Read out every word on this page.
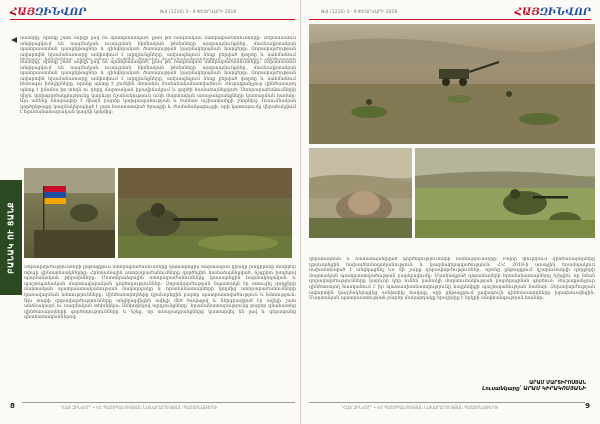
ՀԱՅԶԻՆՎՈՐ	№4 (1216) 3 - 9 ՓԵՏՐՎԱՐԻ 2018
մասերը, որոնք շատ ավելի լավ են պատրաստված, քան թե ռազմական ստորաբաժանումները: Զորամասում անցկացվում են ռազմական ուսուցման հիմնական թեմաների պարապմունքներ, մասնագիտական պատրաստման դասընթացներ և զինվորական ծառայության կազմակերպման հարցերը: Զորավարժության ավարտին հրամանատարը ամփոփում է արդյունքները, ամրապնդում ձեռք բերված փորձը և սահմանում
մասերը, որոնք շատ ավելի լավ են պատրաստված, քան թե ռազմական ստորաբաժանումները: Զորամասում անցկացվում են ռազմական ուսուցման հիմնական թեմաների պարապմունքներ, մասնագիտական պատրաստման դասընթացներ և զինվորական ծառայության կազմակերպման հարցերը: Զորավարժության ավարտին հրամանատարը ամփոփում է արդյունքները, ամրապնդում ձեռք բերված փորձը և սահմանում հետագա խնդիրները, որոնք պետք է լուծվեն մոտակա ժամանակահատվածում: Յուրաքանչյուր զինծառայող պետք է իմանա իր տեղն ու դերը մարտական իրավիճակում և գործի համաձայնեցված: Ստորաբաժանումների միջև փոխգործակցությունը կարևոր նշանակություն ունի մարտական առաջադրանքների կատարման համար: Այս ամենը հնարավոր է միայն բարձր կարգապահության և համառ աշխատանքի շնորհիվ: Ուսումնական գործընթացը կազմակերպված է ըստ հաստատված ծրագրի և ժամանակացույցի, որի կատարումը վերահսկվում է հրամանատարական կազմի կողմից:
ԲԱՆԱԿ ՈՒ ՑԱՆՔ Զորավարժությունների ընթացքում ստորաբաժանումները կատարեցին մարտական կրակի խնդիրներ տարբեր տիպի զինատեսակներից: Հրետանային ստորաբաժանումները գործեցին համաձայնեցված, ճշգրիտ խոցելով պայմանական թիրախները: Մոտոհրաձգային ստորաբաժանումները կատարեցին հարձակողական և պաշտպանական մարտավարական գործողություններ: Զորավարժության նպատակն էր ստուգել զորքերի մարտական պատրաստականության մակարդակը և հրամանատարների կողմից ստորաբաժանումների կառավարման հմտությունները: Զինծառայողները դրսևորեցին բարձր պատրաստվածություն և հմտություն: Այս տարի զորավարժությունները անցկացվեցին ավելի մեծ ծավալով և ներգրավված էր ավելի շատ անձնակազմ ու ռազմական տեխնիկա: Ամփոփելով արդյունքները՝ հրամանատարությունը բարձր գնահատեց զինծառայողների գործողությունները և նշեց, որ առաջադրանքները կատարվել են լավ և գերազանց գնահատականներով:
8	"ՀԱՅ ԶԻՆՎՈՐ" • ՀՀ ՊԱՇՏՊԱՆՈՒԹՅԱՆ ՆԱԽԱՐԱՐՈՒԹՅԱՆ ՊԱՇՏՈՆԱԹԵՐԹ
№4 (1216) 3 - 9 ՓԵՏՐՎԱՐԻ 2018	ՀԱՅԶԻՆՎՈՐ
վերահսկման և համաձայնեցված գործողությունների հմտությունները: Բոլոր փուլերում զինծառայողները դրսևորեցին նախաձեռնողականություն և կազմակերպվածություն: Հ/Հ 2018-ի առաջին եռամսյակում նախատեսված է անցկացնել ևս մի շարք զորավարժություններ, որոնց ընթացքում կշարունակվի զորքերի մարտական պատրաստվածության բարելավումը: Մասնակցած զորամասերի հրամանատարները նշեցին, որ նման զորավարժությունները կարևոր դեր ունեն բանակի մարտունակության բարձրացման գործում: Յուրաքանչյուր զինծառայող հասկանում է իր պատասխանատվությունը հայրենիքի պաշտպանության համար: Զորավարժության ավարտին կազմակերպվեց ամփոփիչ հավաք, որի ընթացքում լավագույն զինծառայողները խրախուսվեցին: Մարտական պատրաստության բարձր մակարդակը երաշխիք է երկրի անվտանգության համար:
ԱՐԱՄ ՄԱՐՏԻՐՈՍՅԱՆ
Լուսանկարը՝ ԱՐԱՄ ԿԻՐԱԿՈՍՅԱՆԻ
"ՀԱՅ ԶԻՆՎՈՐ" • ՀՀ ՊԱՇՏՊԱՆՈՒԹՅԱՆ ՆԱԽԱՐԱՐՈՒԹՅԱՆ ՊԱՇՏՈՆԱԹԵՐԹ	9
